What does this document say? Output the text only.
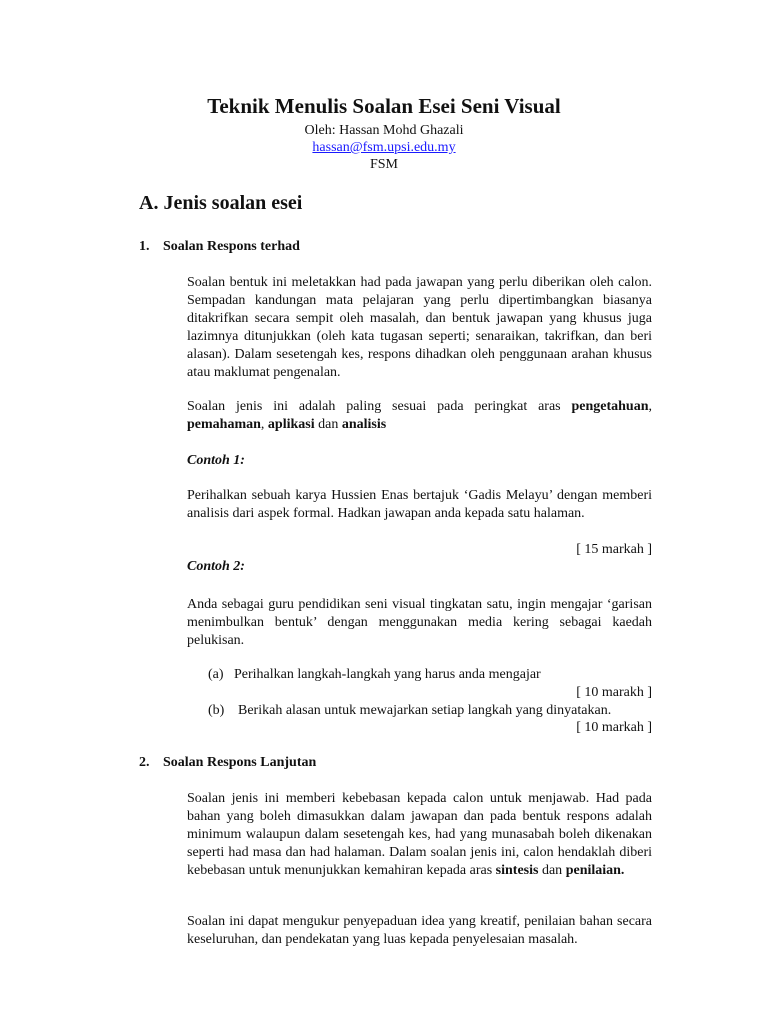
Teknik Menulis Soalan Esei Seni Visual
Oleh: Hassan Mohd Ghazali
hassan@fsm.upsi.edu.my
FSM
A. Jenis soalan esei
1. Soalan Respons terhad

Soalan bentuk ini meletakkan had pada jawapan yang perlu diberikan oleh calon. Sempadan kandungan mata pelajaran yang perlu dipertimbangkan biasanya ditakrifkan secara sempit oleh masalah, dan bentuk jawapan yang khusus juga lazimnya ditunjukkan (oleh kata tugasan seperti; senaraikan, takrifkan, dan beri alasan). Dalam sesetengah kes, respons dihadkan oleh penggunaan arahan khusus atau maklumat pengenalan.

Soalan jenis ini adalah paling sesuai pada peringkat aras pengetahuan, pemahaman, aplikasi dan analisis

Contoh 1:

Perihalkan sebuah karya Hussien Enas bertajuk ‘Gadis Melayu’ dengan memberi analisis dari aspek formal. Hadkan jawapan anda kepada satu halaman.

[ 15 markah ]
Contoh 2:

Anda sebagai guru pendidikan seni visual tingkatan satu, ingin mengajar ‘garisan menimbulkan bentuk’ dengan menggunakan media kering sebagai kaedah pelukisan.

(a) Perihalkan langkah-langkah yang harus anda mengajar
[ 10 marakh ]
(b) Berikah alasan untuk mewajarkan setiap langkah yang dinyatakan.
[ 10 markah ]
2. Soalan Respons Lanjutan

Soalan jenis ini memberi kebebasan kepada calon untuk menjawab. Had pada bahan yang boleh dimasukkan dalam jawapan dan pada bentuk respons adalah minimum walaupun dalam sesetengah kes, had yang munasabah boleh dikenakan seperti had masa dan had halaman. Dalam soalan jenis ini, calon hendaklah diberi kebebasan untuk menunjukkan kemahiran kepada aras sintesis dan penilaian.

Soalan ini dapat mengukur penyepaduan idea yang kreatif, penilaian bahan secara keseluruhan, dan pendekatan yang luas kepada penyelesaian masalah.
